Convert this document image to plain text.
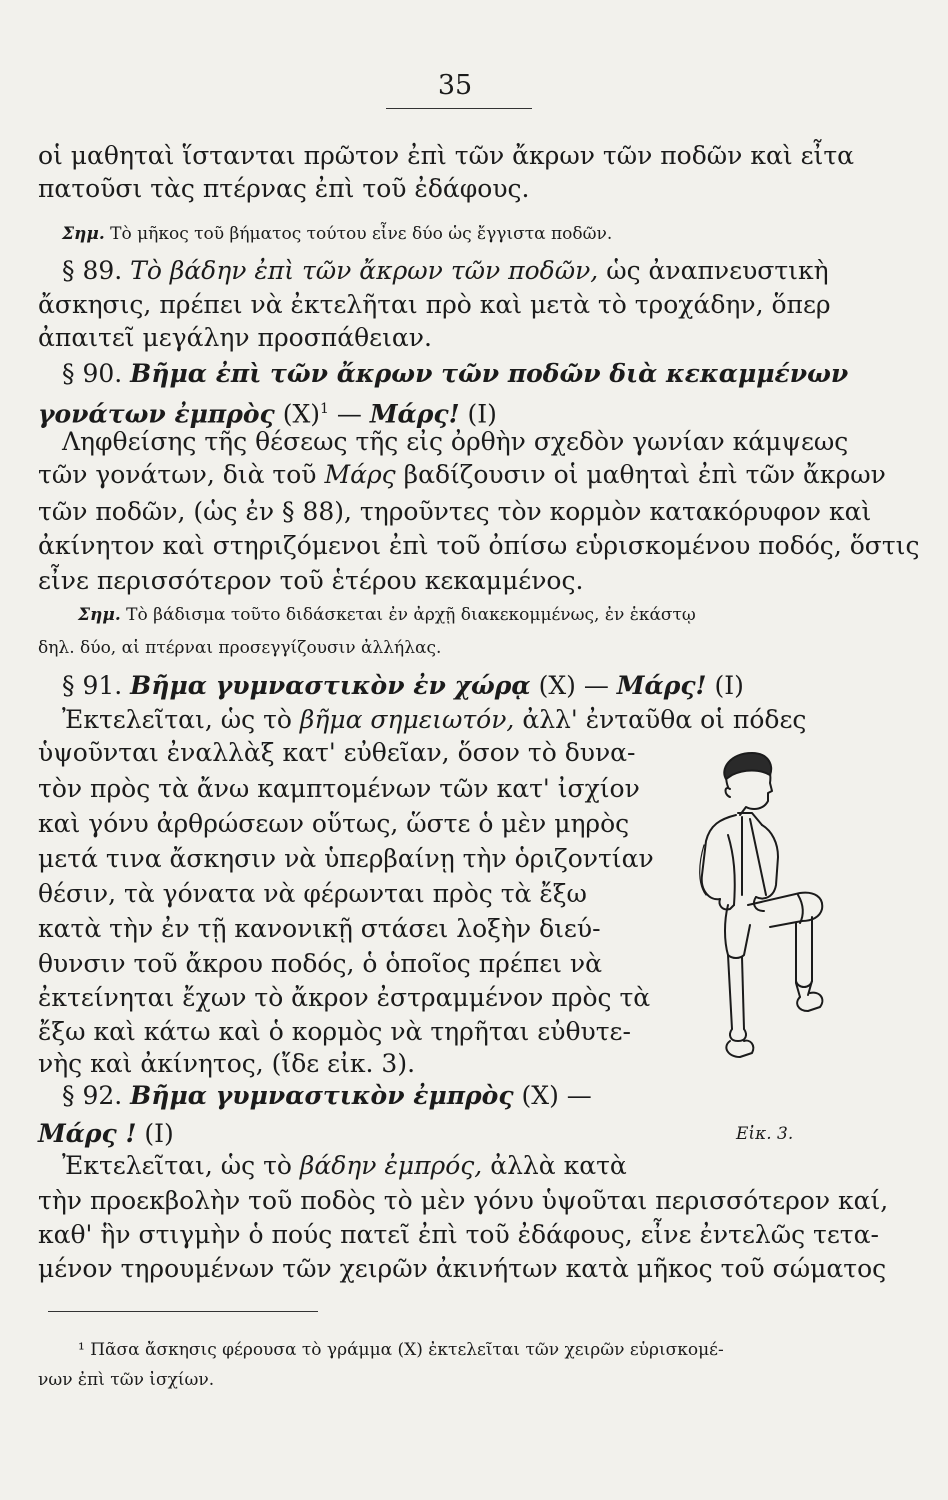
35
οἱ μαθηταὶ ἵστανται πρῶτον ἐπὶ τῶν ἄκρων τῶν ποδῶν καὶ εἶτα
πατοῦσι τὰς πτέρνας ἐπὶ τοῦ ἐδάφους.
Σημ. Τὸ μῆκος τοῦ βήματος τούτου εἶνε δύο ὡς ἔγγιστα ποδῶν.
§ 89. Τὸ βάδην ἐπὶ τῶν ἄκρων τῶν ποδῶν, ὡς ἀναπνευστικὴ
ἄσκησις, πρέπει νὰ ἐκτελῆται πρὸ καὶ μετὰ τὸ τροχάδην, ὅπερ
ἀπαιτεῖ μεγάλην προσπάθειαν.
§ 90. Βῆμα ἐπὶ τῶν ἄκρων τῶν ποδῶν διὰ κεκαμμένων
γονάτων ἐμπρὸς $(X)^1$ — Μάρς! (I)
Ληφθείσης τῆς θέσεως τῆς εἰς ὀρθὴν σχεδὸν γωνίαν κάμψεως
τῶν γονάτων, διὰ τοῦ Μάρς βαδίζουσιν οἱ μαθηταὶ ἐπὶ τῶν ἄκρων
τῶν ποδῶν, (ὡς ἐν § 88), τηροῦντες τὸν κορμὸν κατακόρυφον καὶ
ἀκίνητον καὶ στηριζόμενοι ἐπὶ τοῦ ὀπίσω εὑρισκομένου ποδός, ὅστις
εἶνε περισσότερον τοῦ ἑτέρου κεκαμμένος.
Σημ. Τὸ βάδισμα τοῦτο διδάσκεται ἐν ἀρχῇ διακεκομμένως, ἐν ἑκάστῳ
δηλ. δύο, αἱ πτέρναι προσεγγίζουσιν ἀλλήλας.
§ 91. Βῆμα γυμναστικὸν ἐν χώρᾳ (X) — Μάρς! (I)
Ἐκτελεῖται, ὡς τὸ βῆμα σημειωτόν, ἀλλ' ἐνταῦθα οἱ πόδες
ὑψοῦνται ἐναλλὰξ κατ' εὐθεῖαν, ὅσον τὸ δυνα-
τὸν πρὸς τὰ ἄνω καμπτομένων τῶν κατ' ἰσχίον
καὶ γόνυ ἀρθρώσεων οὕτως, ὥστε ὁ μὲν μηρὸς
μετά τινα ἄσκησιν νὰ ὑπερβαίνῃ τὴν ὁριζοντίαν
θέσιν, τὰ γόνατα νὰ φέρωνται πρὸς τὰ ἔξω
κατὰ τὴν ἐν τῇ κανονικῇ στάσει λοξὴν διεύ-
θυνσιν τοῦ ἄκρου ποδός, ὁ ὁποῖος πρέπει νὰ
ἐκτείνηται ἔχων τὸ ἄκρον ἐστραμμένον πρὸς τὰ
ἔξω καὶ κάτω καὶ ὁ κορμὸς νὰ τηρῆται εὐθυτε-
νὴς καὶ ἀκίνητος, (ἴδε εἰκ. 3).
§ 92. Βῆμα γυμναστικὸν ἐμπρὸς (X) —
Μάρς ! (I)
Ἐκτελεῖται, ὡς τὸ βάδην ἐμπρός, ἀλλὰ κατὰ
τὴν προεκβολὴν τοῦ ποδὸς τὸ μὲν γόνυ ὑψοῦται περισσότερον καί,
καθ' ἣν στιγμὴν ὁ πούς πατεῖ ἐπὶ τοῦ ἐδάφους, εἶνε ἐντελῶς τετα-
μένον τηρουμένων τῶν χειρῶν ἀκινήτων κατὰ μῆκος τοῦ σώματος
Εἰκ. 3.
¹ Πᾶσα ἄσκησις φέρουσα τὸ γράμμα (X) ἐκτελεῖται τῶν χειρῶν εὑρισκομέ-
νων ἐπὶ τῶν ἰσχίων.
